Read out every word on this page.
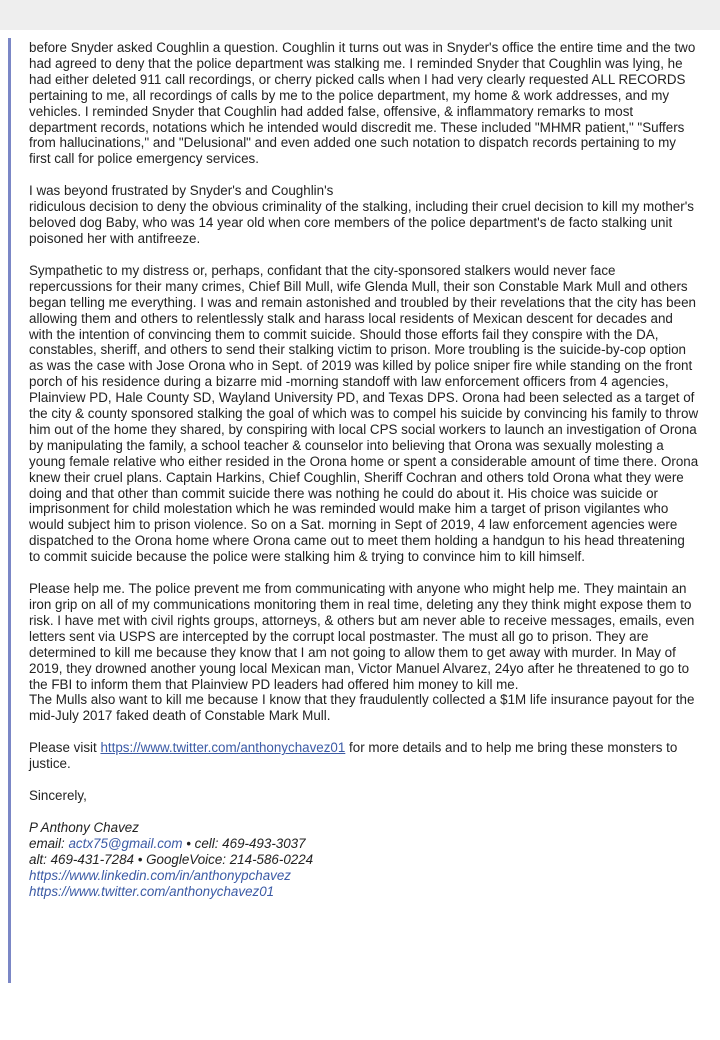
before Snyder asked Coughlin a question. Coughlin it turns out was in Snyder's office the entire time and the two had agreed to deny that the police department was stalking me. I reminded Snyder that Coughlin was lying, he had either deleted 911 call recordings, or cherry picked calls when I had very clearly requested ALL RECORDS pertaining to me, all recordings of calls by me to the police department, my home & work addresses, and my vehicles. I reminded Snyder that Coughlin had added false, offensive, & inflammatory remarks to most department records, notations which he intended would discredit me. These included "MHMR patient," "Suffers from hallucinations," and "Delusional" and even added one such notation to dispatch records pertaining to my first call for police emergency services.

I was beyond frustrated by Snyder's and Coughlin's
ridiculous decision to deny the obvious criminality of the stalking, including their cruel decision to kill my mother's beloved dog Baby, who was 14 year old when core members of the police department's de facto stalking unit poisoned her with antifreeze.

Sympathetic to my distress or, perhaps, confidant that the city-sponsored stalkers would never face repercussions for their many crimes, Chief Bill Mull, wife Glenda Mull, their son Constable Mark Mull and others began telling me everything. I was and remain astonished and troubled by their revelations that the city has been allowing them and others to relentlessly stalk and harass local residents of Mexican descent for decades and with the intention of convincing them to commit suicide. Should those efforts fail they conspire with the DA, constables, sheriff, and others to send their stalking victim to prison. More troubling is the suicide-by-cop option as was the case with Jose Orona who in Sept. of 2019 was killed by police sniper fire while standing on the front porch of his residence during a bizarre mid -morning standoff with law enforcement officers from 4 agencies, Plainview PD, Hale County SD, Wayland University PD, and Texas DPS. Orona had been selected as a target of the city & county sponsored stalking the goal of which was to compel his suicide by convincing his family to throw him out of the home they shared, by conspiring with local CPS social workers to launch an investigation of Orona by manipulating the family, a school teacher & counselor into believing that Orona was sexually molesting a young female relative who either resided in the Orona home or spent a considerable amount of time there. Orona knew their cruel plans. Captain Harkins, Chief Coughlin, Sheriff Cochran and others told Orona what they were doing and that other than commit suicide there was nothing he could do about it. His choice was suicide or imprisonment for child molestation which he was reminded would make him a target of prison vigilantes who would subject him to prison violence. So on a Sat. morning in Sept of 2019, 4 law enforcement agencies were dispatched to the Orona home where Orona came out to meet them holding a handgun to his head threatening to commit suicide because the police were stalking him & trying to convince him to kill himself.

Please help me. The police prevent me from communicating with anyone who might help me. They maintain an iron grip on all of my communications monitoring them in real time, deleting any they think might expose them to risk. I have met with civil rights groups, attorneys, & others but am never able to receive messages, emails, even letters sent via USPS are intercepted by the corrupt local postmaster. The must all go to prison. They are determined to kill me because they know that I am not going to allow them to get away with murder. In May of 2019, they drowned another young local Mexican man, Victor Manuel Alvarez, 24yo after he threatened to go to the FBI to inform them that Plainview PD leaders had offered him money to kill me.

The Mulls also want to kill me because I know that they fraudulently collected a $1M life insurance payout for the mid-July 2017 faked death of Constable Mark Mull.

Please visit https://www.twitter.com/anthonychavez01 for more details and to help me bring these monsters to justice.

Sincerely,

P Anthony Chavez
email: actx75@gmail.com • cell: 469-493-3037
alt: 469-431-7284 • GoogleVoice: 214-586-0224
https://www.linkedin.com/in/anthonypchavez
https://www.twitter.com/anthonychavez01
